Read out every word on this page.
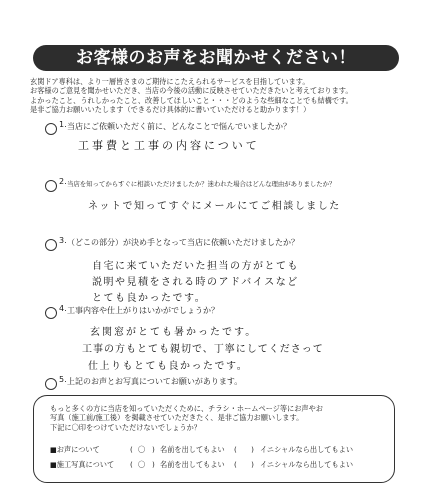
お客様のお声をお聞かせください！
玄関ドア専科は、より一層皆さまのご期待にこたえられるサービスを目指しています。
お客様のご意見を聞かせいただき、当店の今後の活動に反映させていただきたいと考えております。
よかったこと、うれしかったこと、改善してほしいこと・・・どのような些細なことでも結構です。
是非ご協力お願いいたします（できるだけ具体的に書いていただけると助かります！）
1. 当店にご依頼いただく前に、どんなことで悩んでいましたか？
工事費と工事の内容について
2. 当店を知ってからすぐに相談いただけましたか？迷われた場合はどんな理由がありましたか？
ネットで知ってすぐにメールにてご相談しました
3. （どこの部分）が決め手となって当店に依頼いただけましたか？
自宅に来ていただいた担当の方がとても
説明や見積をされる時のアドバイスなど
とても良かったです。
4. 工事内容や仕上がりはいかがでしょうか？
玄関窓がとても暑かったです。
工事の方もとても親切で、丁寧にしてくださって
仕上りもとても良かったです。
5. 上記のお声とお写真についてお願いがあります。
もっと多くの方に当店を知っていただくために、チラシ・ホームページ等にお声やお
写真（施工前/施工後）を掲載させていただきたく、是非ご協力お願いします。
下記に〇印をつけていただけないでしょうか？
■お声について	( 〇 ) 名前を出してもよい (　　) イニシャルなら出してもよい
■施工写真について ( 〇 ) 名前を出してもよい (　　) イニシャルなら出してもよい
